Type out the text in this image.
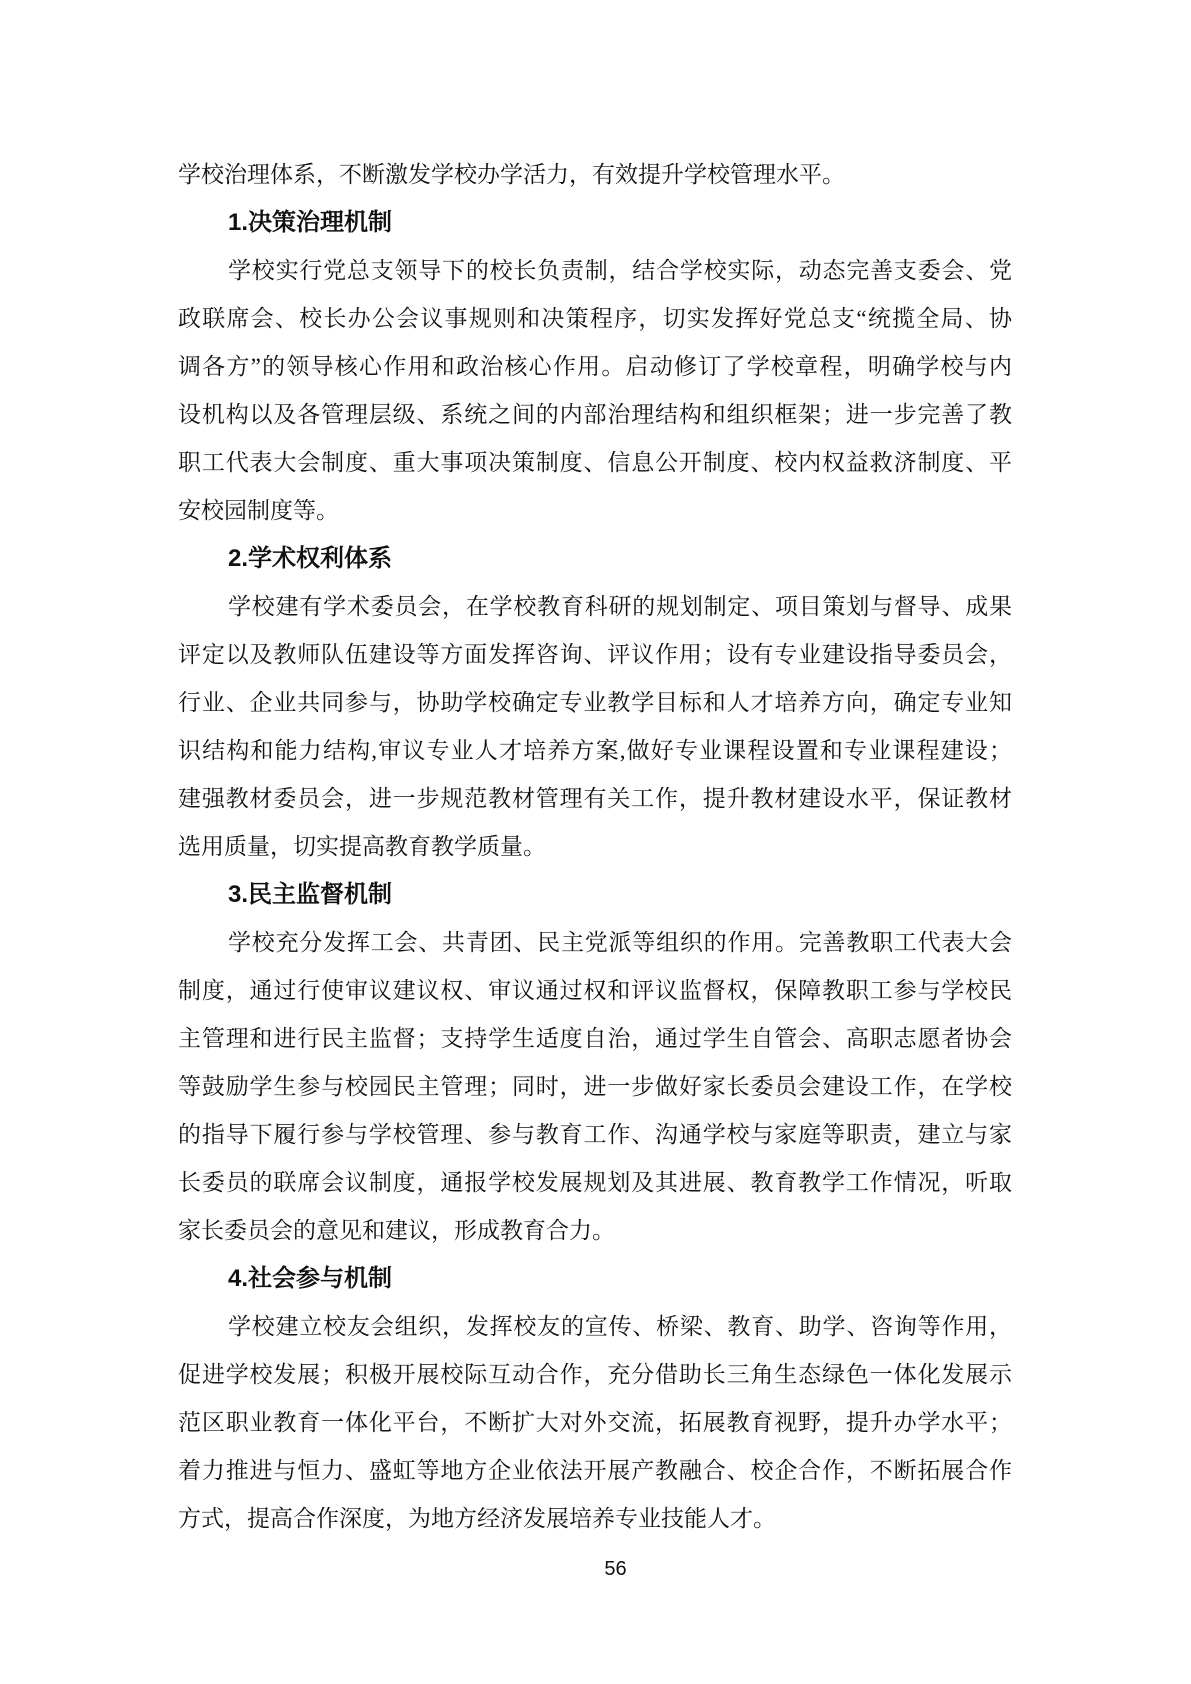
学校治理体系，不断激发学校办学活力，有效提升学校管理水平。
1.决策治理机制
学校实行党总支领导下的校长负责制，结合学校实际，动态完善支委会、党
政联席会、校长办公会议事规则和决策程序，切实发挥好党总支“统揽全局、协
调各方”的领导核心作用和政治核心作用。启动修订了学校章程，明确学校与内
设机构以及各管理层级、系统之间的内部治理结构和组织框架；进一步完善了教
职工代表大会制度、重大事项决策制度、信息公开制度、校内权益救济制度、平
安校园制度等。
2.学术权利体系
学校建有学术委员会，在学校教育科研的规划制定、项目策划与督导、成果
评定以及教师队伍建设等方面发挥咨询、评议作用；设有专业建设指导委员会，
行业、企业共同参与，协助学校确定专业教学目标和人才培养方向，确定专业知
识结构和能力结构,审议专业人才培养方案,做好专业课程设置和专业课程建设；
建强教材委员会，进一步规范教材管理有关工作，提升教材建设水平，保证教材
选用质量，切实提高教育教学质量。
3.民主监督机制
学校充分发挥工会、共青团、民主党派等组织的作用。完善教职工代表大会
制度，通过行使审议建议权、审议通过权和评议监督权，保障教职工参与学校民
主管理和进行民主监督；支持学生适度自治，通过学生自管会、高职志愿者协会
等鼓励学生参与校园民主管理；同时，进一步做好家长委员会建设工作，在学校
的指导下履行参与学校管理、参与教育工作、沟通学校与家庭等职责，建立与家
长委员的联席会议制度，通报学校发展规划及其进展、教育教学工作情况，听取
家长委员会的意见和建议，形成教育合力。
4.社会参与机制
学校建立校友会组织，发挥校友的宣传、桥梁、教育、助学、咨询等作用，
促进学校发展；积极开展校际互动合作，充分借助长三角生态绿色一体化发展示
范区职业教育一体化平台，不断扩大对外交流，拓展教育视野，提升办学水平；
着力推进与恒力、盛虹等地方企业依法开展产教融合、校企合作，不断拓展合作
方式，提高合作深度，为地方经济发展培养专业技能人才。
56
